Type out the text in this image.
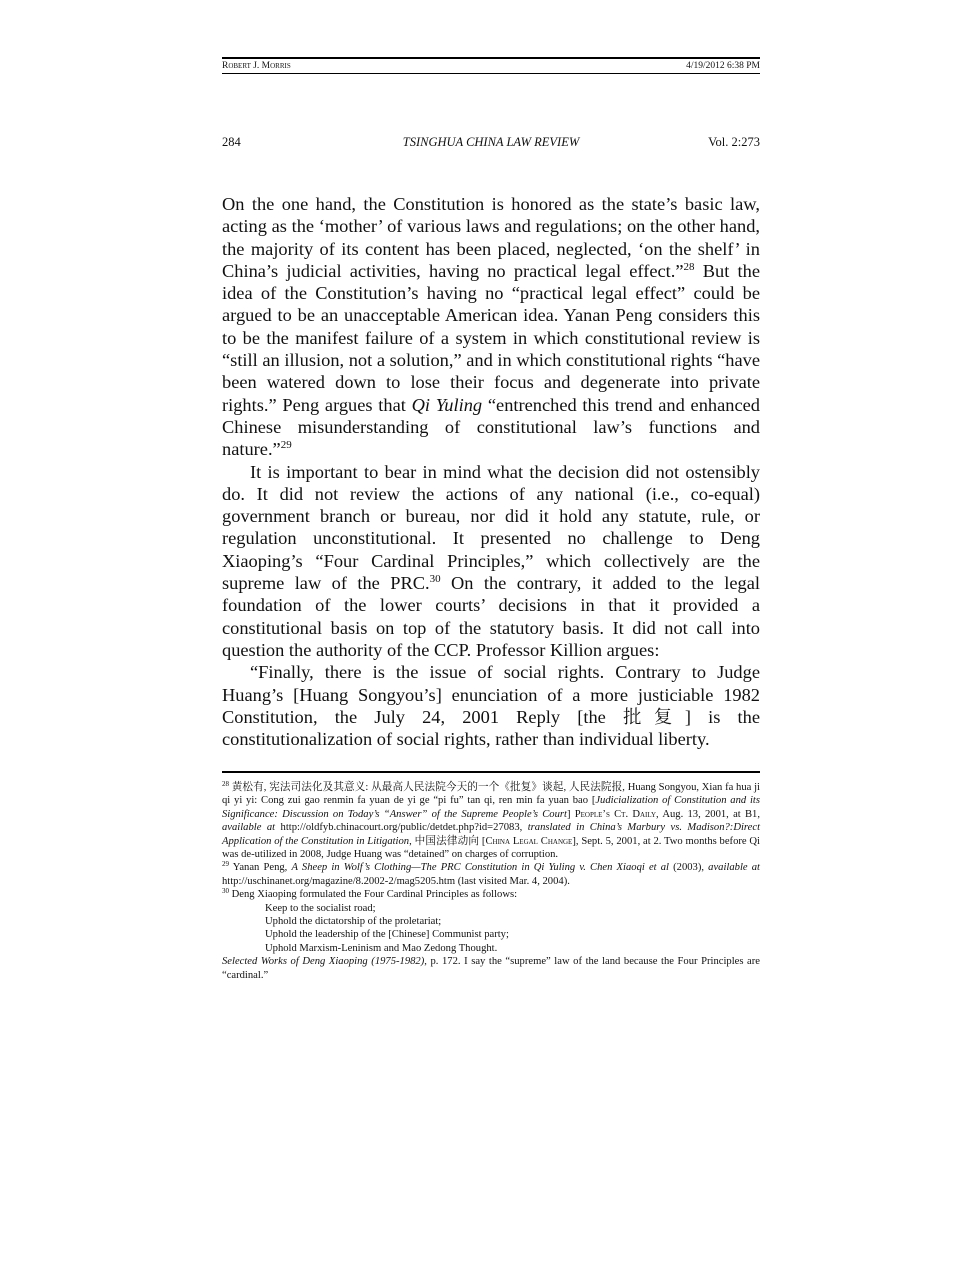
Robert J. Morris	4/19/2012 6:38 PM
284	TSINGHUA CHINA LAW REVIEW	Vol. 2:273

On the one hand, the Constitution is honored as the state’s basic law, acting as the ‘mother’ of various laws and regulations; on the other hand, the majority of its content has been placed, neglected, ‘on the shelf’ in China’s judicial activities, having no practical legal effect.”$^{28}$ But the idea of the Constitution’s having no “practical legal effect” could be argued to be an unacceptable American idea. Yanan Peng considers this to be the manifest failure of a system in which constitutional review is “still an illusion, not a solution,” and in which constitutional rights “have been watered down to lose their focus and degenerate into private rights.” Peng argues that Qi Yuling “entrenched this trend and enhanced Chinese misunderstanding of constitutional law’s functions and nature.”$^{29}$

It is important to bear in mind what the decision did not ostensibly do. It did not review the actions of any national (i.e., co-equal) government branch or bureau, nor did it hold any statute, rule, or regulation unconstitutional. It presented no challenge to Deng Xiaoping’s “Four Cardinal Principles,” which collectively are the supreme law of the PRC.$^{30}$ On the contrary, it added to the legal foundation of the lower courts’ decisions in that it provided a constitutional basis on top of the statutory basis. It did not call into question the authority of the CCP. Professor Killion argues:

“Finally, there is the issue of social rights. Contrary to Judge Huang’s [Huang Songyou’s] enunciation of a more justiciable 1982 Constitution, the July 24, 2001 Reply [the 批复] is the constitutionalization of social rights, rather than individual liberty.

$^{28}$ 黄松有, 宪法司法化及其意义: 从最高人民法院今天的一个《批复》谈起, 人民法院报, Huang Songyou, Xian fa hua ji qi yi yi: Cong zui gao renmin fa yuan de yi ge “pi fu” tan qi, ren min fa yuan bao [Judicialization of Constitution and its Significance: Discussion on Today’s “Answer” of the Supreme People’s Court] People’s Ct. Daily, Aug. 13, 2001, at B1, available at http://oldfyb.chinacourt.org/public/detdet.php?id=27083, translated in China’s Marbury vs. Madison?:Direct Application of the Constitution in Litigation, 中国法律动向 [China Legal Change], Sept. 5, 2001, at 2. Two months before Qi was de-utilized in 2008, Judge Huang was “detained” on charges of corruption.

$^{29}$ Yanan Peng, A Sheep in Wolf’s Clothing—The PRC Constitution in Qi Yuling v. Chen Xiaoqi et al (2003), available at http://uschinanet.org/magazine/8.2002-2/mag5205.htm (last visited Mar. 4, 2004).

$^{30}$ Deng Xiaoping formulated the Four Cardinal Principles as follows:

Keep to the socialist road;

Uphold the dictatorship of the proletariat;

Uphold the leadership of the [Chinese] Communist party;

Uphold Marxism-Leninism and Mao Zedong Thought.

Selected Works of Deng Xiaoping (1975-1982), p. 172. I say the “supreme” law of the land because the Four Principles are “cardinal.”
